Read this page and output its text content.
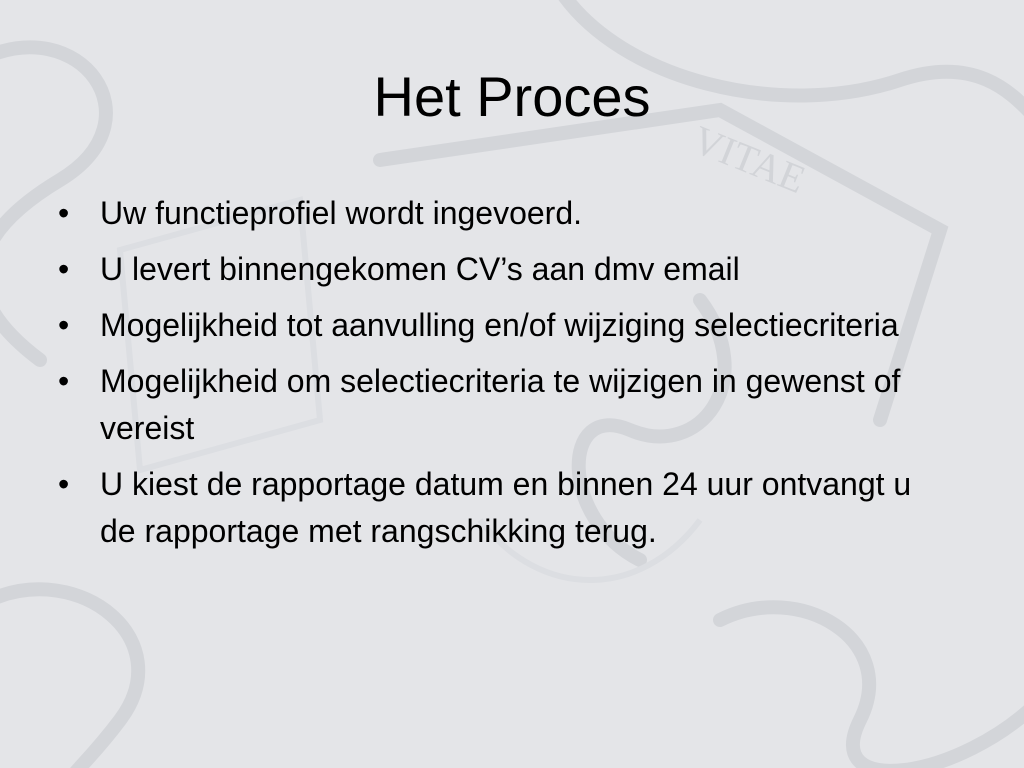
VITAE
Het Proces
• Uw functieprofiel wordt ingevoerd.
• U levert binnengekomen CV’s aan dmv email
• Mogelijkheid tot aanvulling en/of wijziging selectiecriteria
• Mogelijkheid om selectiecriteria te wijzigen in gewenst of vereist
• U kiest de rapportage datum en binnen 24 uur ontvangt u de rapportage met rangschikking terug.
